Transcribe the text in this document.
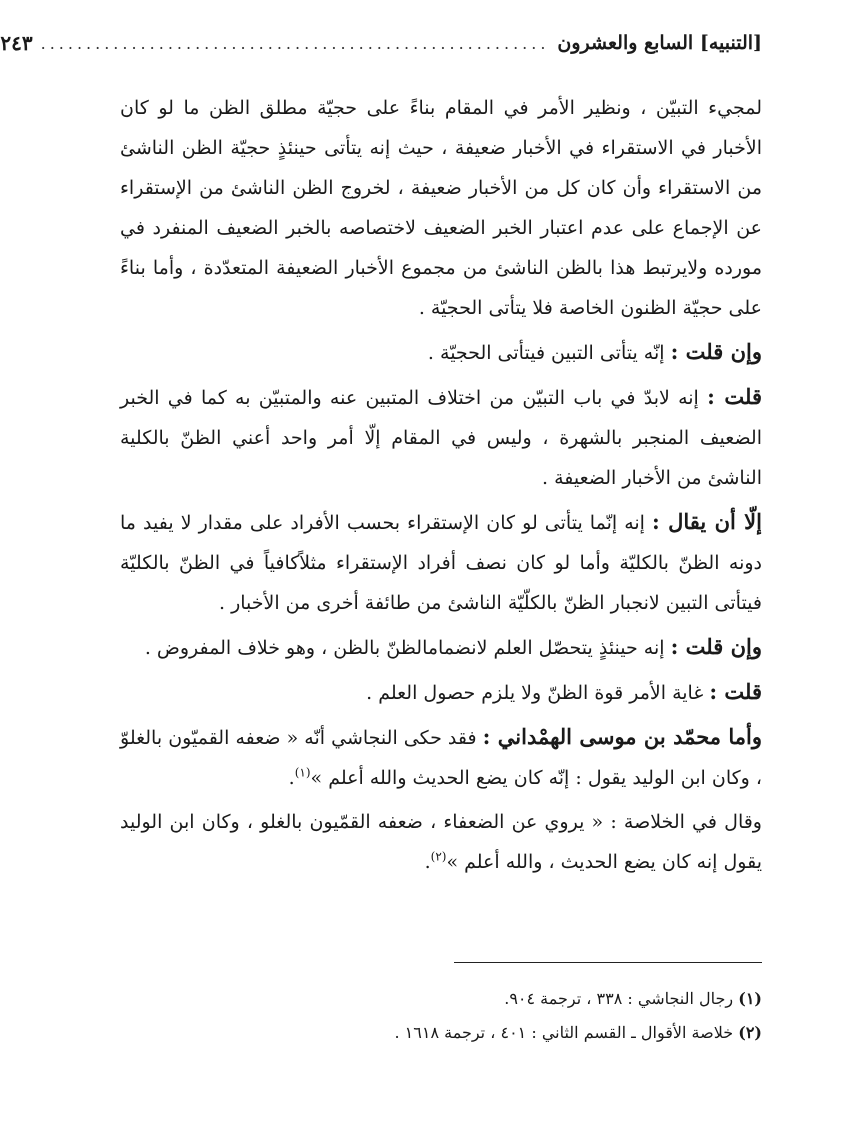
[التنبيه] السابع والعشرون
........................................................
٢٤٣

لمجيء التبيّن ، ونظير الأمر في المقام بناءً على حجيّة مطلق الظن ما لو كان الأخبار في الاستقراء في الأخبار ضعيفة ، حيث إنه يتأتى حينئذٍ حجيّة الظن الناشئ من الاستقراء وأن كان كل من الأخبار ضعيفة ، لخروج الظن الناشئ من الإستقراء عن الإجماع على عدم اعتبار الخبر الضعيف لاختصاصه بالخبر الضعيف المنفرد في مورده ولايرتبط هذا بالظن الناشئ من مجموع الأخبار الضعيفة المتعدّدة ، وأما بناءً على حجيّة الظنون الخاصة فلا يتأتى الحجيّة .

وإن قلت : إنّه يتأتى التبين فيتأتى الحجيّة .

قلت : إنه لابدّ في باب التبيّن من اختلاف المتبين عنه والمتبيّن به كما في الخبر الضعيف المنجبر بالشهرة ، وليس في المقام إلّا أمر واحد أعني الظنّ بالكلية الناشئ من الأخبار الضعيفة .

إلّا أن يقال : إنه إنّما يتأتى لو كان الإستقراء بحسب الأفراد على مقدار لا يفيد ما دونه الظنّ بالكليّة وأما لو كان نصف أفراد الإستقراء مثلاًكافياً في الظنّ بالكليّة فيتأتى التبين لانجبار الظنّ بالكلّيّة الناشئ من طائفة أخرى من الأخبار .

وإن قلت : إنه حينئذٍ يتحصّل العلم لانضمامالظنّ بالظن ، وهو خلاف المفروض .

قلت : غاية الأمر قوة الظنّ ولا يلزم حصول العلم .

وأما محمّد بن موسى الهمْداني : فقد حكى النجاشي أنّه « ضعفه القميّون بالغلوّ ، وكان ابن الوليد يقول : إنّه كان يضع الحديث والله أعلم »$^{(١)}$.

وقال في الخلاصة : « يروي عن الضعفاء ، ضعفه القمّيون بالغلو ، وكان ابن الوليد يقول إنه كان يضع الحديث ، والله أعلم »$^{(٢)}$.

(١) رجال النجاشي : ٣٣٨ ، ترجمة ٩٠٤.

(٢) خلاصة الأقوال ـ القسم الثاني : ٤٠١ ، ترجمة ١٦١٨ .
